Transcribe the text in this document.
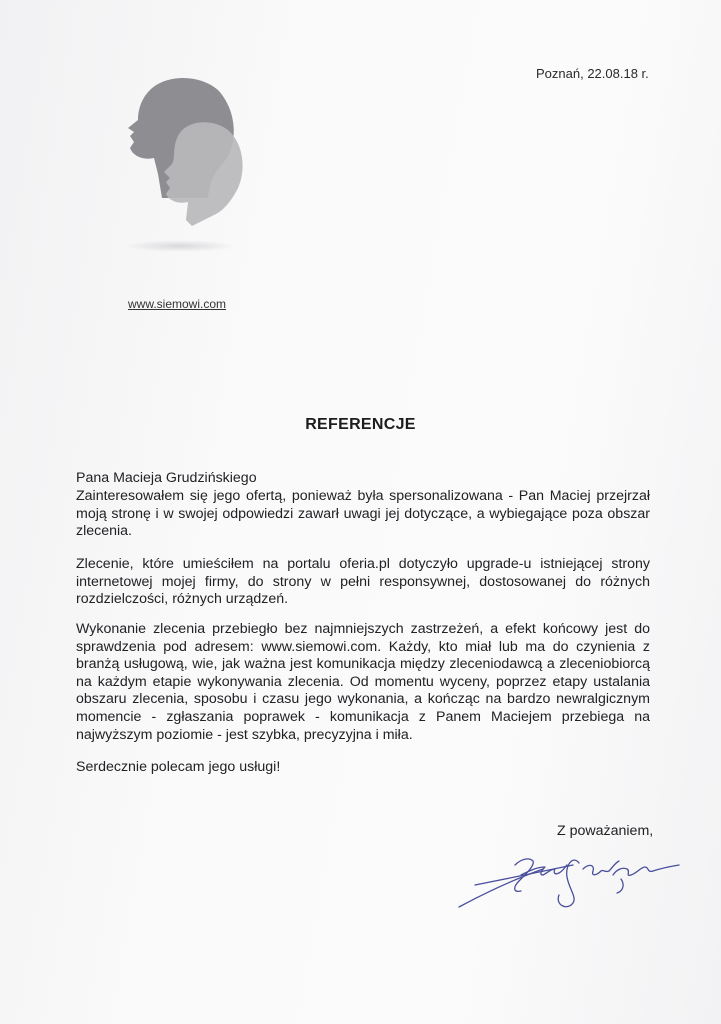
Poznań, 22.08.18 r.
www.siemowi.com
REFERENCJE
Pana Macieja Grudzińskiego
Zainteresowałem się jego ofertą, ponieważ była spersonalizowana - Pan Maciej przejrzał moją stronę i w swojej odpowiedzi zawarł uwagi jej dotyczące, a wybiegające poza obszar zlecenia.
Zlecenie, które umieściłem na portalu oferia.pl dotyczyło upgrade-u istniejącej strony internetowej mojej firmy, do strony w pełni responsywnej, dostosowanej do różnych rozdzielczości, różnych urządzeń.
Wykonanie zlecenia przebiegło bez najmniejszych zastrzeżeń, a efekt końcowy jest do sprawdzenia pod adresem: www.siemowi.com. Każdy, kto miał lub ma do czynienia z branżą usługową, wie, jak ważna jest komunikacja między zleceniodawcą a zleceniobiorcą na każdym etapie wykonywania zlecenia. Od momentu wyceny, poprzez etapy ustalania obszaru zlecenia, sposobu i czasu jego wykonania, a kończąc na bardzo newralgicznym momencie - zgłaszania poprawek - komunikacja z Panem Maciejem przebiega na najwyższym poziomie - jest szybka, precyzyjna i miła.
Serdecznie polecam jego usługi!
Z poważaniem,
